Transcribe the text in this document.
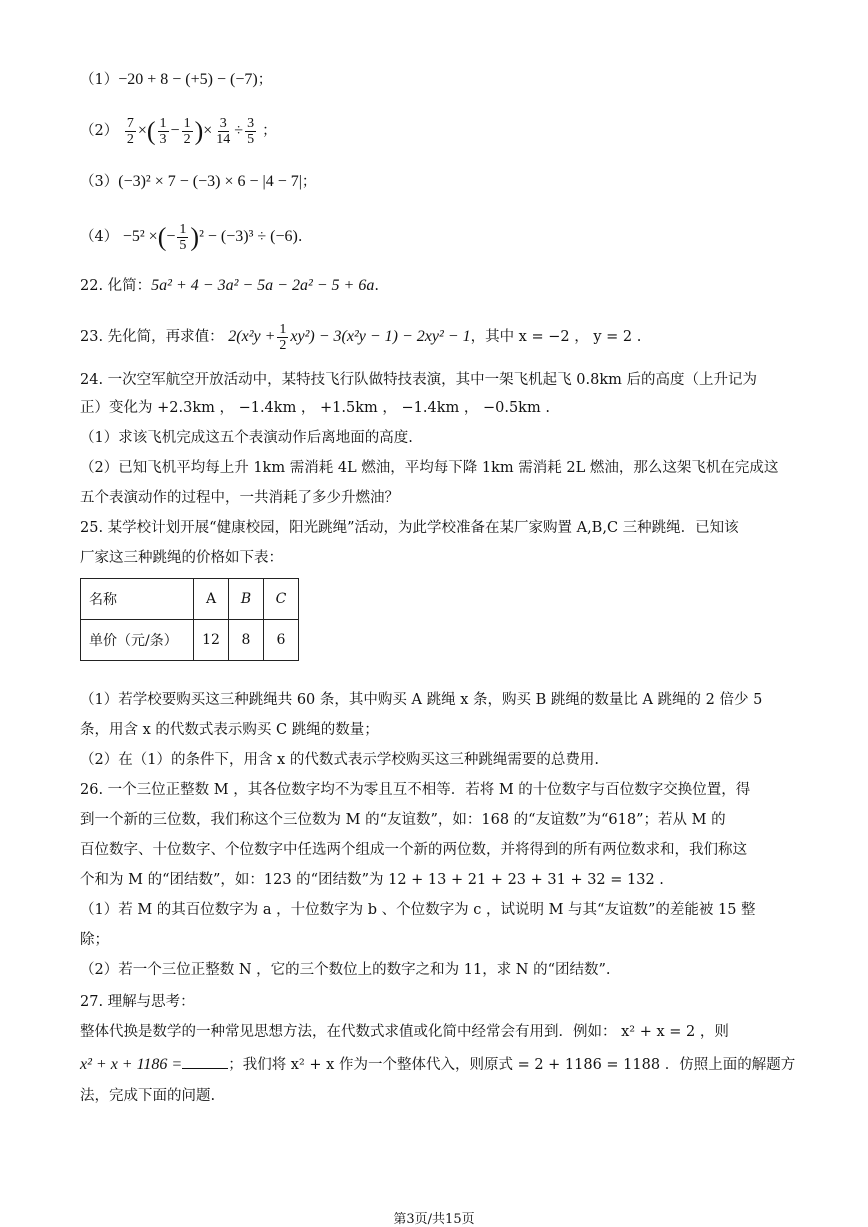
（1）−20 + 8 − (+5) − (−7)；
$(2) \frac{7}{2}$ ×( $\frac{1}{3} - \frac{1}{2}$ )× $\frac{3}{14} \div \frac{3}{5}$ ；
（3）(−3)² × 7 − (−3) × 6 − |4 − 7|；
（4） −5² ×(− $\frac{1}{5} )^2 - (-3)^3 \div (-6)$.
22. 化简：5a² + 4 − 3a² − 5a − 2a² − 5 + 6a.
23. 先化简，再求值： $2(x^2y + \frac{1}{2} xy^2) - 3(x^2y - 1) - 2xy^2 - 1$，其中 x = −2 ， y = 2 .
24. 一次空军航空开放活动中，某特技飞行队做特技表演，其中一架飞机起飞 0.8km 后的高度（上升记为
正）变化为 +2.3km ， −1.4km ， +1.5km ， −1.4km ， −0.5km .
（1）求该飞机完成这五个表演动作后离地面的高度.
（2）已知飞机平均每上升 1km 需消耗 4L 燃油，平均每下降 1km 需消耗 2L 燃油，那么这架飞机在完成这
五个表演动作的过程中，一共消耗了多少升燃油？
25. 某学校计划开展“健康校园，阳光跳绳”活动，为此学校准备在某厂家购置 A,B,C 三种跳绳．已知该
厂家这三种跳绳的价格如下表：
名称	A	B	C
单价（元/条）	12	8	6
（1）若学校要购买这三种跳绳共 60 条，其中购买 A 跳绳 x 条，购买 B 跳绳的数量比 A 跳绳的 2 倍少 5
条，用含 x 的代数式表示购买 C 跳绳的数量；
（2）在（1）的条件下，用含 x 的代数式表示学校购买这三种跳绳需要的总费用.
26. 一个三位正整数 M ，其各位数字均不为零且互不相等．若将 M 的十位数字与百位数字交换位置，得
到一个新的三位数，我们称这个三位数为 M 的“友谊数”，如：168 的“友谊数”为“618”；若从 M 的
百位数字、十位数字、个位数字中任选两个组成一个新的两位数，并将得到的所有两位数求和，我们称这
个和为 M 的“团结数”，如：123 的“团结数”为 12 + 13 + 21 + 23 + 31 + 32 = 132 .
（1）若 M 的其百位数字为 a ，十位数字为 b 、个位数字为 c ，试说明 M 与其“友谊数”的差能被 15 整
除；
（2）若一个三位正整数 N ，它的三个数位上的数字之和为 11，求 N 的“团结数”.
27. 理解与思考：
整体代换是数学的一种常见思想方法，在代数式求值或化简中经常会有用到．例如： x² + x = 2 ，则
x² + x + 1186 =	；我们将 x² + x 作为一个整体代入，则原式 = 2 + 1186 = 1188 ．仿照上面的解题方
法，完成下面的问题.
第3页/共15页
